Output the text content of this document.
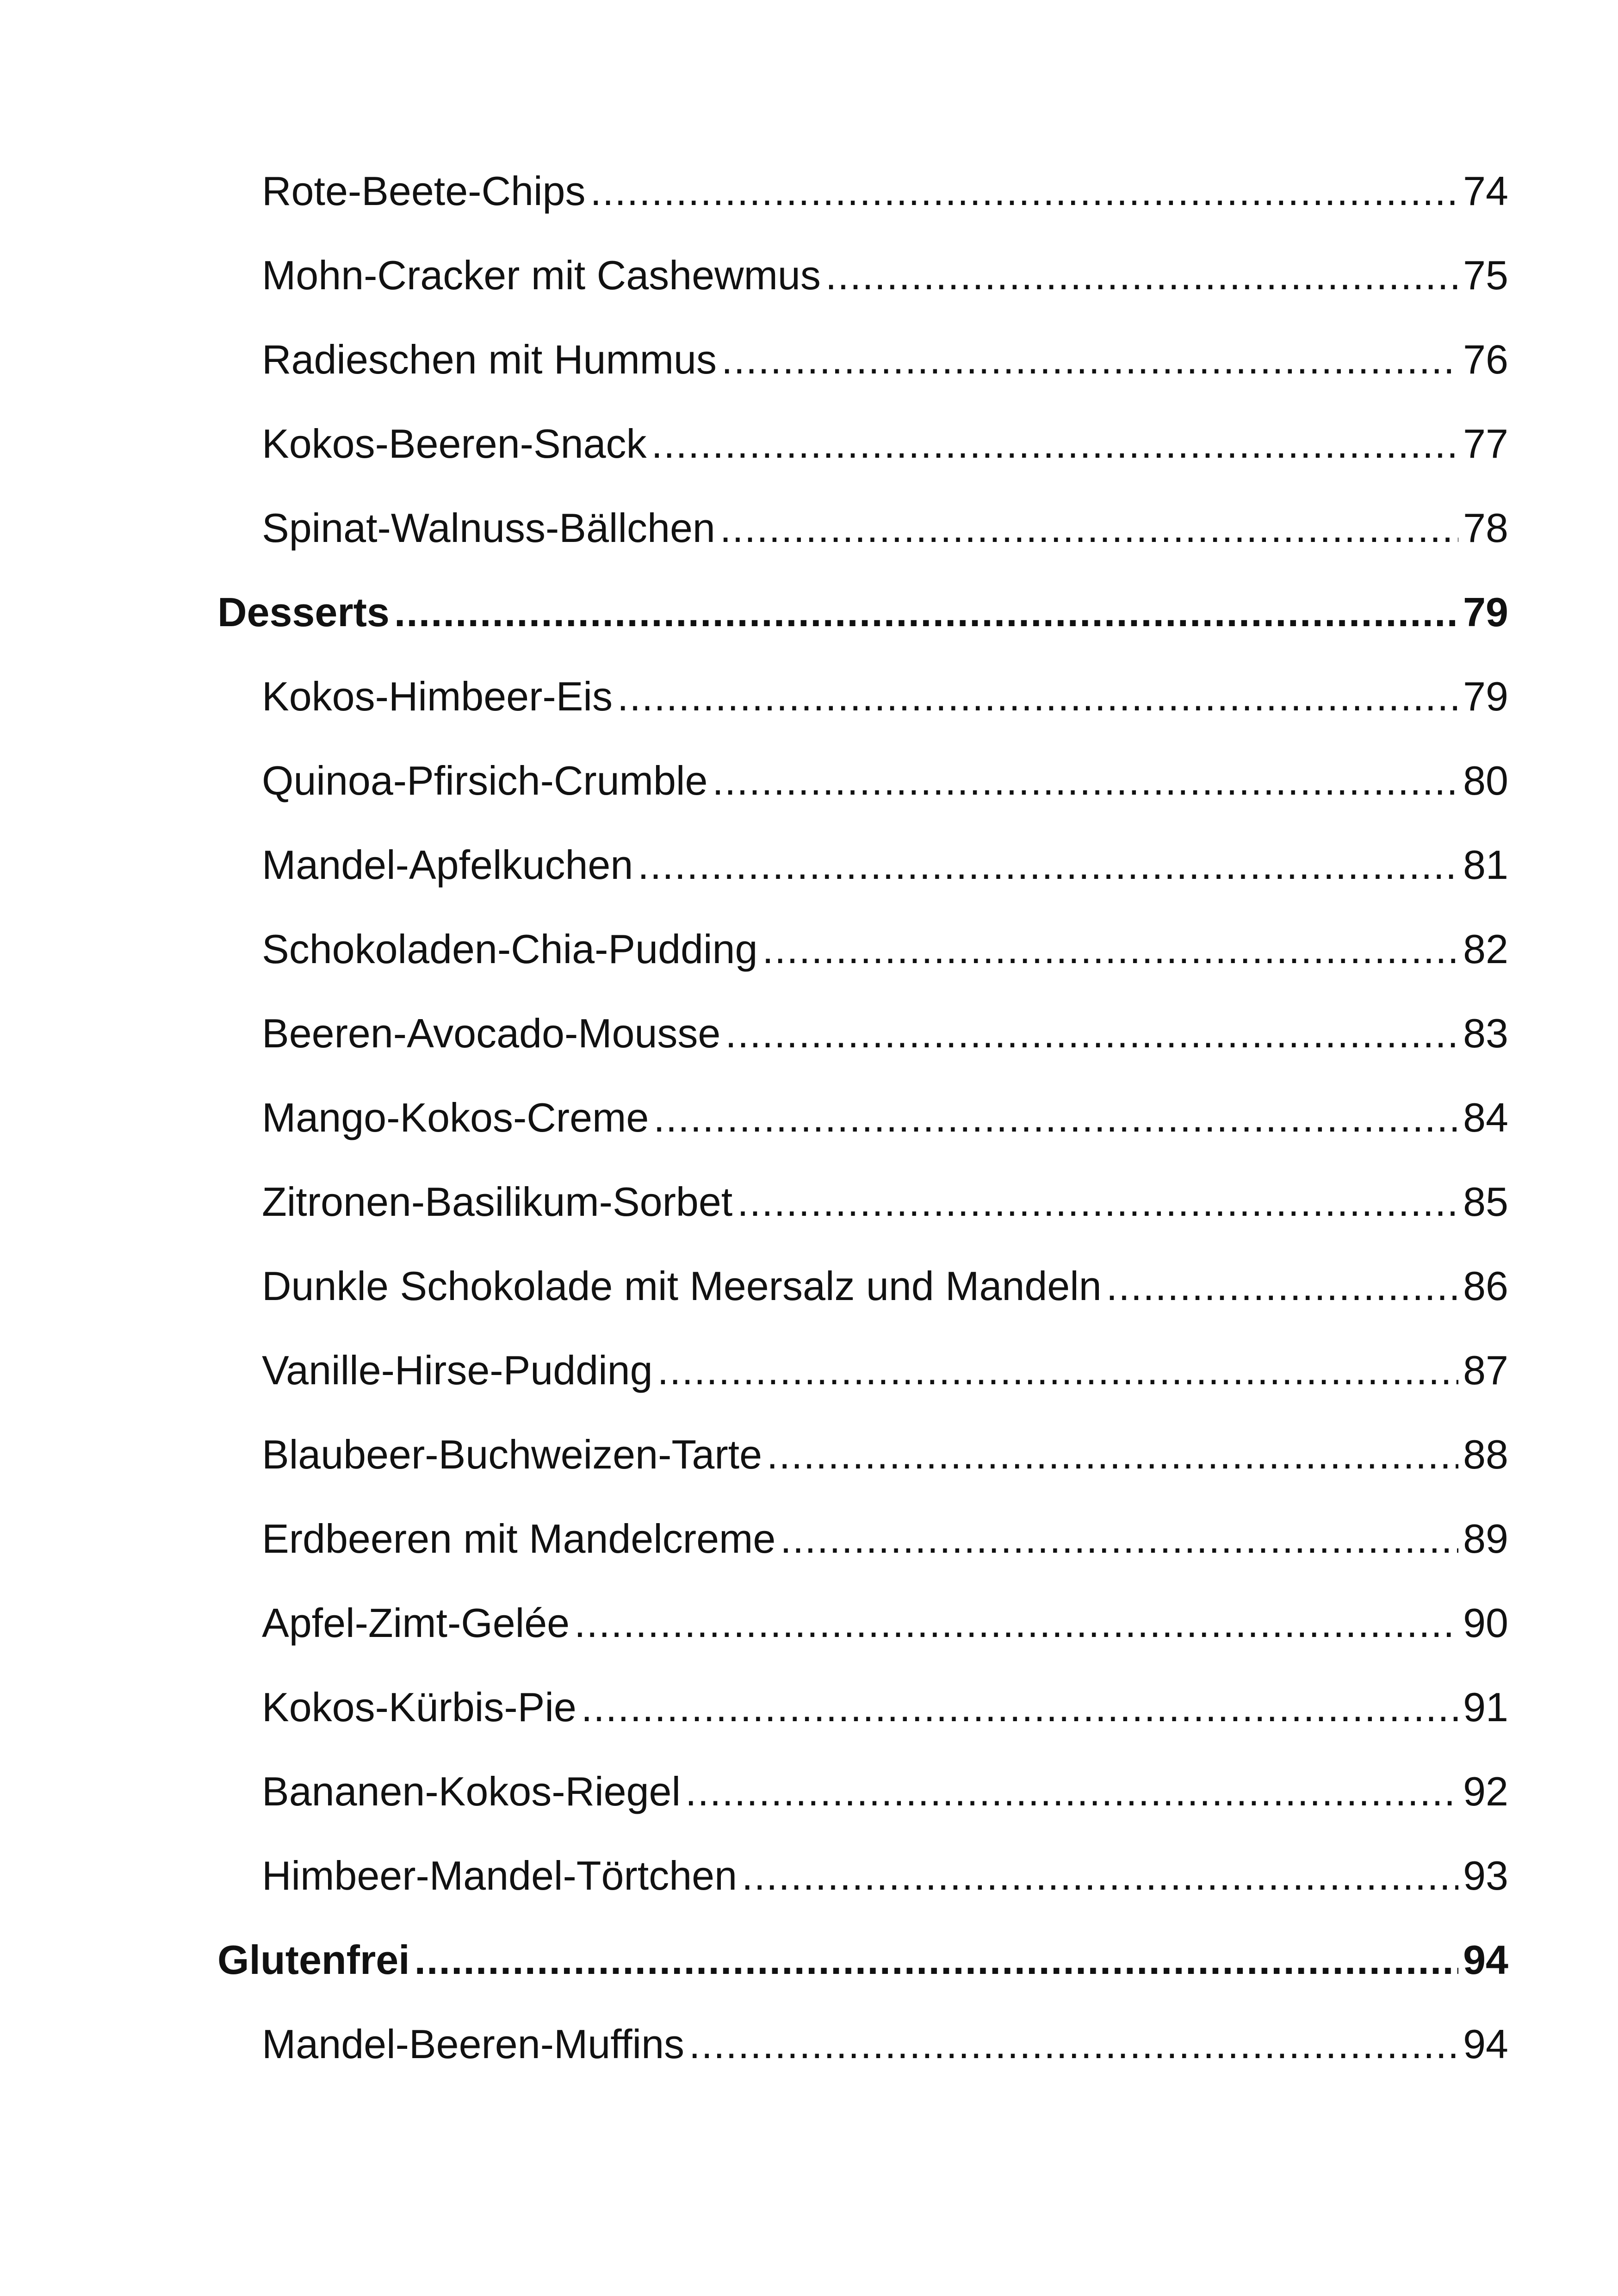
Rote-Beete-Chips .....	74
Mohn-Cracker mit Cashewmus .....	75
Radieschen mit Hummus .....	76
Kokos-Beeren-Snack .....	77
Spinat-Walnuss-Bällchen .....	78
Desserts .....	79
Kokos-Himbeer-Eis .....	79
Quinoa-Pfirsich-Crumble .....	80
Mandel-Apfelkuchen .....	81
Schokoladen-Chia-Pudding .....	82
Beeren-Avocado-Mousse .....	83
Mango-Kokos-Creme .....	84
Zitronen-Basilikum-Sorbet .....	85
Dunkle Schokolade mit Meersalz und Mandeln .....	86
Vanille-Hirse-Pudding .....	87
Blaubeer-Buchweizen-Tarte .....	88
Erdbeeren mit Mandelcreme .....	89
Apfel-Zimt-Gelée .....	90
Kokos-Kürbis-Pie .....	91
Bananen-Kokos-Riegel .....	92
Himbeer-Mandel-Törtchen .....	93
Glutenfrei .....	94
Mandel-Beeren-Muffins .....	94
